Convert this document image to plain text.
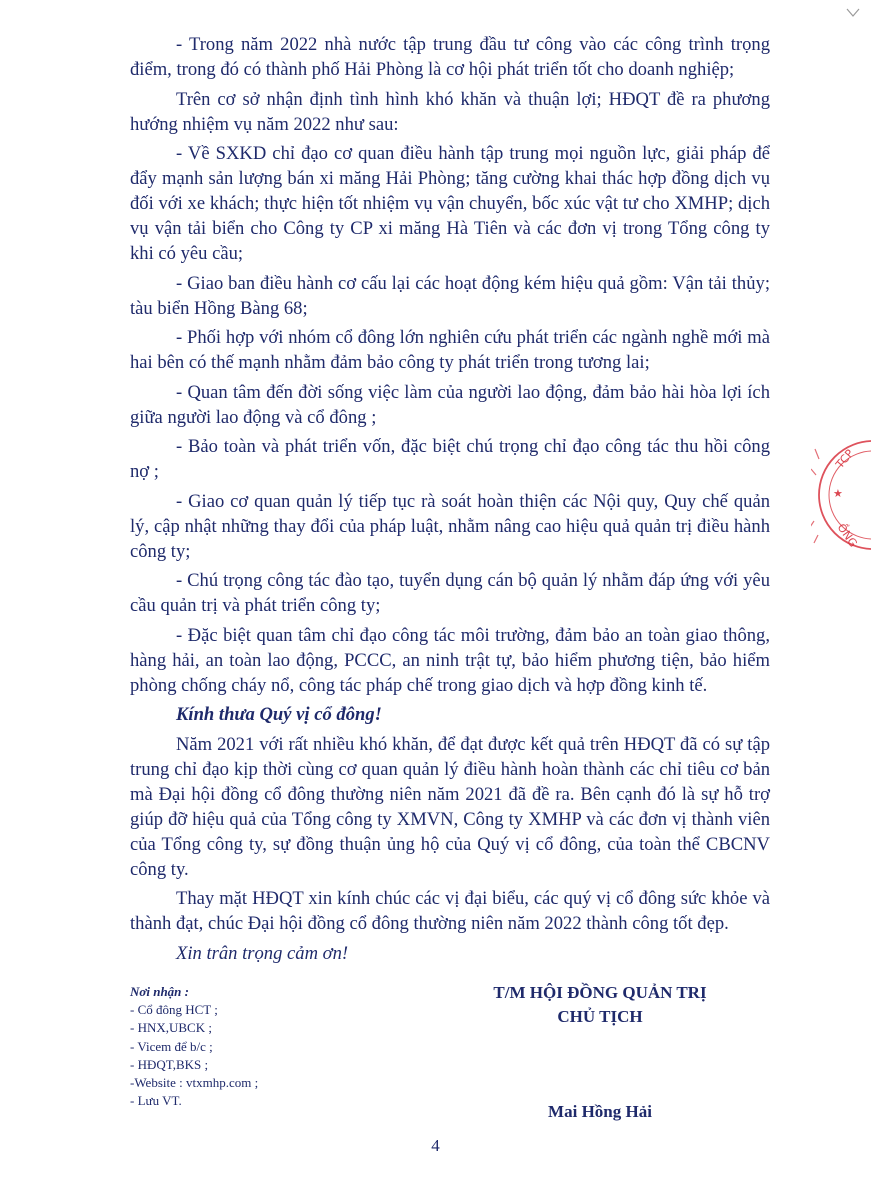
- Trong năm 2022 nhà nước tập trung đầu tư công vào các công trình trọng điểm, trong đó có thành phố Hải Phòng là cơ hội phát triển tốt cho doanh nghiệp;

Trên cơ sở nhận định tình hình khó khăn và thuận lợi; HĐQT đề ra phương hướng nhiệm vụ năm 2022 như sau:

- Về SXKD chỉ đạo cơ quan điều hành tập trung mọi nguồn lực, giải pháp để đẩy mạnh sản lượng bán xi măng Hải Phòng; tăng cường khai thác hợp đồng dịch vụ đối với xe khách; thực hiện tốt nhiệm vụ vận chuyển, bốc xúc vật tư cho XMHP; dịch vụ vận tải biển cho Công ty CP xi măng Hà Tiên và các đơn vị trong Tổng công ty khi có yêu cầu;

- Giao ban điều hành cơ cấu lại các hoạt động kém hiệu quả gồm: Vận tải thủy; tàu biển Hồng Bàng 68;

- Phối hợp với nhóm cổ đông lớn nghiên cứu phát triển các ngành nghề mới mà hai bên có thế mạnh nhằm đảm bảo công ty phát triển trong tương lai;

- Quan tâm đến đời sống việc làm của người lao động, đảm bảo hài hòa lợi ích giữa người lao động và cổ đông ;

- Bảo toàn và phát triển vốn, đặc biệt chú trọng chỉ đạo công tác thu hồi công nợ ;

- Giao cơ quan quản lý tiếp tục rà soát hoàn thiện các Nội quy, Quy chế quản lý, cập nhật những thay đổi của pháp luật, nhằm nâng cao hiệu quả quản trị điều hành công ty;

- Chú trọng công tác đào tạo, tuyển dụng cán bộ quản lý nhằm đáp ứng với yêu cầu quản trị và phát triển công ty;

- Đặc biệt quan tâm chỉ đạo công tác môi trường, đảm bảo an toàn giao thông, hàng hải, an toàn lao động, PCCC, an ninh trật tự, bảo hiểm phương tiện, bảo hiểm phòng chống cháy nổ, công tác pháp chế trong giao dịch và hợp đồng kinh tế.

Kính thưa Quý vị cổ đông!

Năm 2021 với rất nhiều khó khăn, để đạt được kết quả trên HĐQT đã có sự tập trung chỉ đạo kịp thời cùng cơ quan quản lý điều hành hoàn thành các chỉ tiêu cơ bản mà Đại hội đồng cổ đông thường niên năm 2021 đã đề ra. Bên cạnh đó là sự hỗ trợ giúp đỡ hiệu quả của Tổng công ty XMVN, Công ty XMHP và các đơn vị thành viên của Tổng công ty, sự đồng thuận ủng hộ của Quý vị cổ đông, của toàn thể CBCNV công ty.

Thay mặt HĐQT xin kính chúc các vị đại biểu, các quý vị cổ đông sức khỏe và thành đạt, chúc Đại hội đồng cổ đông thường niên năm 2022 thành công tốt đẹp.

Xin trân trọng cảm ơn!

Nơi nhận :
- Cổ đông HCT ;
- HNX,UBCK ;
- Vicem để b/c ;
- HĐQT,BKS ;
-Website : vtxmhp.com ;
- Lưu VT.
T/M HỘI ĐỒNG QUẢN TRỊ
CHỦ TỊCH
Mai Hồng Hải
4
TCP
★
ỒNG
